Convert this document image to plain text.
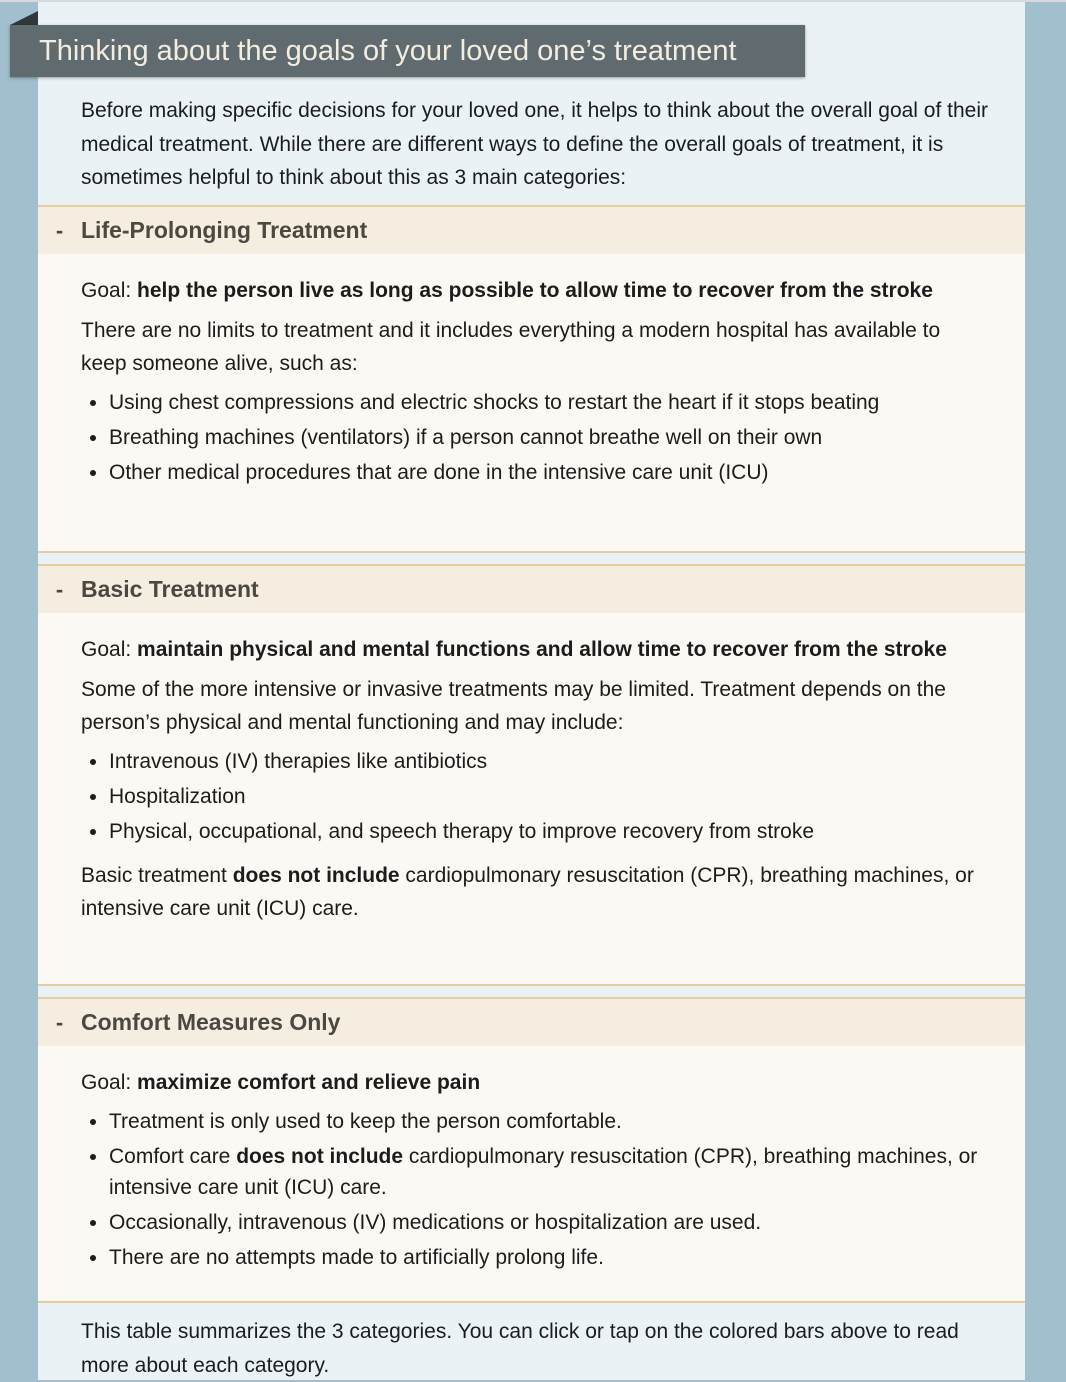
Thinking about the goals of your loved one’s treatment
Before making specific decisions for your loved one, it helps to think about the overall goal of their medical treatment. While there are different ways to define the overall goals of treatment, it is sometimes helpful to think about this as 3 main categories:
- Life-Prolonging Treatment

Goal: help the person live as long as possible to allow time to recover from the stroke

There are no limits to treatment and it includes everything a modern hospital has available to keep someone alive, such as:

• Using chest compressions and electric shocks to restart the heart if it stops beating
• Breathing machines (ventilators) if a person cannot breathe well on their own
• Other medical procedures that are done in the intensive care unit (ICU)
- Basic Treatment

Goal: maintain physical and mental functions and allow time to recover from the stroke

Some of the more intensive or invasive treatments may be limited. Treatment depends on the person’s physical and mental functioning and may include:

• Intravenous (IV) therapies like antibiotics
• Hospitalization
• Physical, occupational, and speech therapy to improve recovery from stroke

Basic treatment does not include cardiopulmonary resuscitation (CPR), breathing machines, or intensive care unit (ICU) care.

- Comfort Measures Only

Goal: maximize comfort and relieve pain

• Treatment is only used to keep the person comfortable.
• Comfort care does not include cardiopulmonary resuscitation (CPR), breathing machines, or intensive care unit (ICU) care.
• Occasionally, intravenous (IV) medications or hospitalization are used.
• There are no attempts made to artificially prolong life.
This table summarizes the 3 categories. You can click or tap on the colored bars above to read more about each category.
